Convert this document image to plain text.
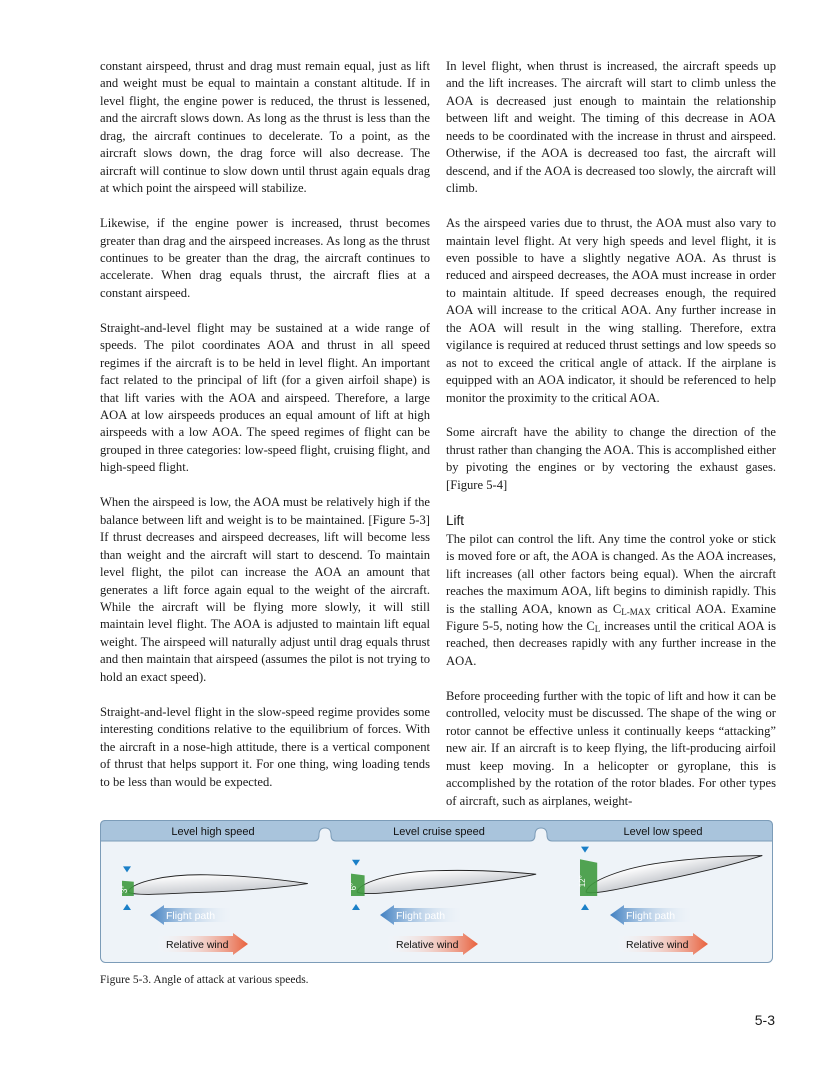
constant airspeed, thrust and drag must remain equal, just as lift and weight must be equal to maintain a constant altitude. If in level flight, the engine power is reduced, the thrust is lessened, and the aircraft slows down. As long as the thrust is less than the drag, the aircraft continues to decelerate. To a point, as the aircraft slows down, the drag force will also decrease. The aircraft will continue to slow down until thrust again equals drag at which point the airspeed will stabilize.

Likewise, if the engine power is increased, thrust becomes greater than drag and the airspeed increases. As long as the thrust continues to be greater than the drag, the aircraft continues to accelerate. When drag equals thrust, the aircraft flies at a constant airspeed.

Straight-and-level flight may be sustained at a wide range of speeds. The pilot coordinates AOA and thrust in all speed regimes if the aircraft is to be held in level flight. An important fact related to the principal of lift (for a given airfoil shape) is that lift varies with the AOA and airspeed. Therefore, a large AOA at low airspeeds produces an equal amount of lift at high airspeeds with a low AOA. The speed regimes of flight can be grouped in three categories: low-speed flight, cruising flight, and high-speed flight.

When the airspeed is low, the AOA must be relatively high if the balance between lift and weight is to be maintained. [Figure 5-3] If thrust decreases and airspeed decreases, lift will become less than weight and the aircraft will start to descend. To maintain level flight, the pilot can increase the AOA an amount that generates a lift force again equal to the weight of the aircraft. While the aircraft will be flying more slowly, it will still maintain level flight. The AOA is adjusted to maintain lift equal weight. The airspeed will naturally adjust until drag equals thrust and then maintain that airspeed (assumes the pilot is not trying to hold an exact speed).

Straight-and-level flight in the slow-speed regime provides some interesting conditions relative to the equilibrium of forces. With the aircraft in a nose-high attitude, there is a vertical component of thrust that helps support it. For one thing, wing loading tends to be less than would be expected.

In level flight, when thrust is increased, the aircraft speeds up and the lift increases. The aircraft will start to climb unless the AOA is decreased just enough to maintain the relationship between lift and weight. The timing of this decrease in AOA needs to be coordinated with the increase in thrust and airspeed. Otherwise, if the AOA is decreased too fast, the aircraft will descend, and if the AOA is decreased too slowly, the aircraft will climb.

As the airspeed varies due to thrust, the AOA must also vary to maintain level flight. At very high speeds and level flight, it is even possible to have a slightly negative AOA. As thrust is reduced and airspeed decreases, the AOA must increase in order to maintain altitude. If speed decreases enough, the required AOA will increase to the critical AOA. Any further increase in the AOA will result in the wing stalling. Therefore, extra vigilance is required at reduced thrust settings and low speeds so as not to exceed the critical angle of attack. If the airplane is equipped with an AOA indicator, it should be referenced to help monitor the proximity to the critical AOA.

Some aircraft have the ability to change the direction of the thrust rather than changing the AOA. This is accomplished either by pivoting the engines or by vectoring the exhaust gases. [Figure 5-4]

Lift

The pilot can control the lift. Any time the control yoke or stick is moved fore or aft, the AOA is changed. As the AOA increases, lift increases (all other factors being equal). When the aircraft reaches the maximum AOA, lift begins to diminish rapidly. This is the stalling AOA, known as $C_{L-MAX}$ critical AOA. Examine Figure 5-5, noting how the $C_L$ increases until the critical AOA is reached, then decreases rapidly with any further increase in the AOA.

Before proceeding further with the topic of lift and how it can be controlled, velocity must be discussed. The shape of the wing or rotor cannot be effective unless it continually keeps “attacking” new air. If an aircraft is to keep flying, the lift-producing airfoil must keep moving. In a helicopter or gyroplane, this is accomplished by the rotation of the rotor blades. For other types of aircraft, such as airplanes, weight-

Level high speed
3°
Flight path
Relative wind
Level cruise speed
6°
Flight path
Relative wind
Level low speed
12°
Flight path
Relative wind
Figure 5-3. Angle of attack at various speeds.
5-3
